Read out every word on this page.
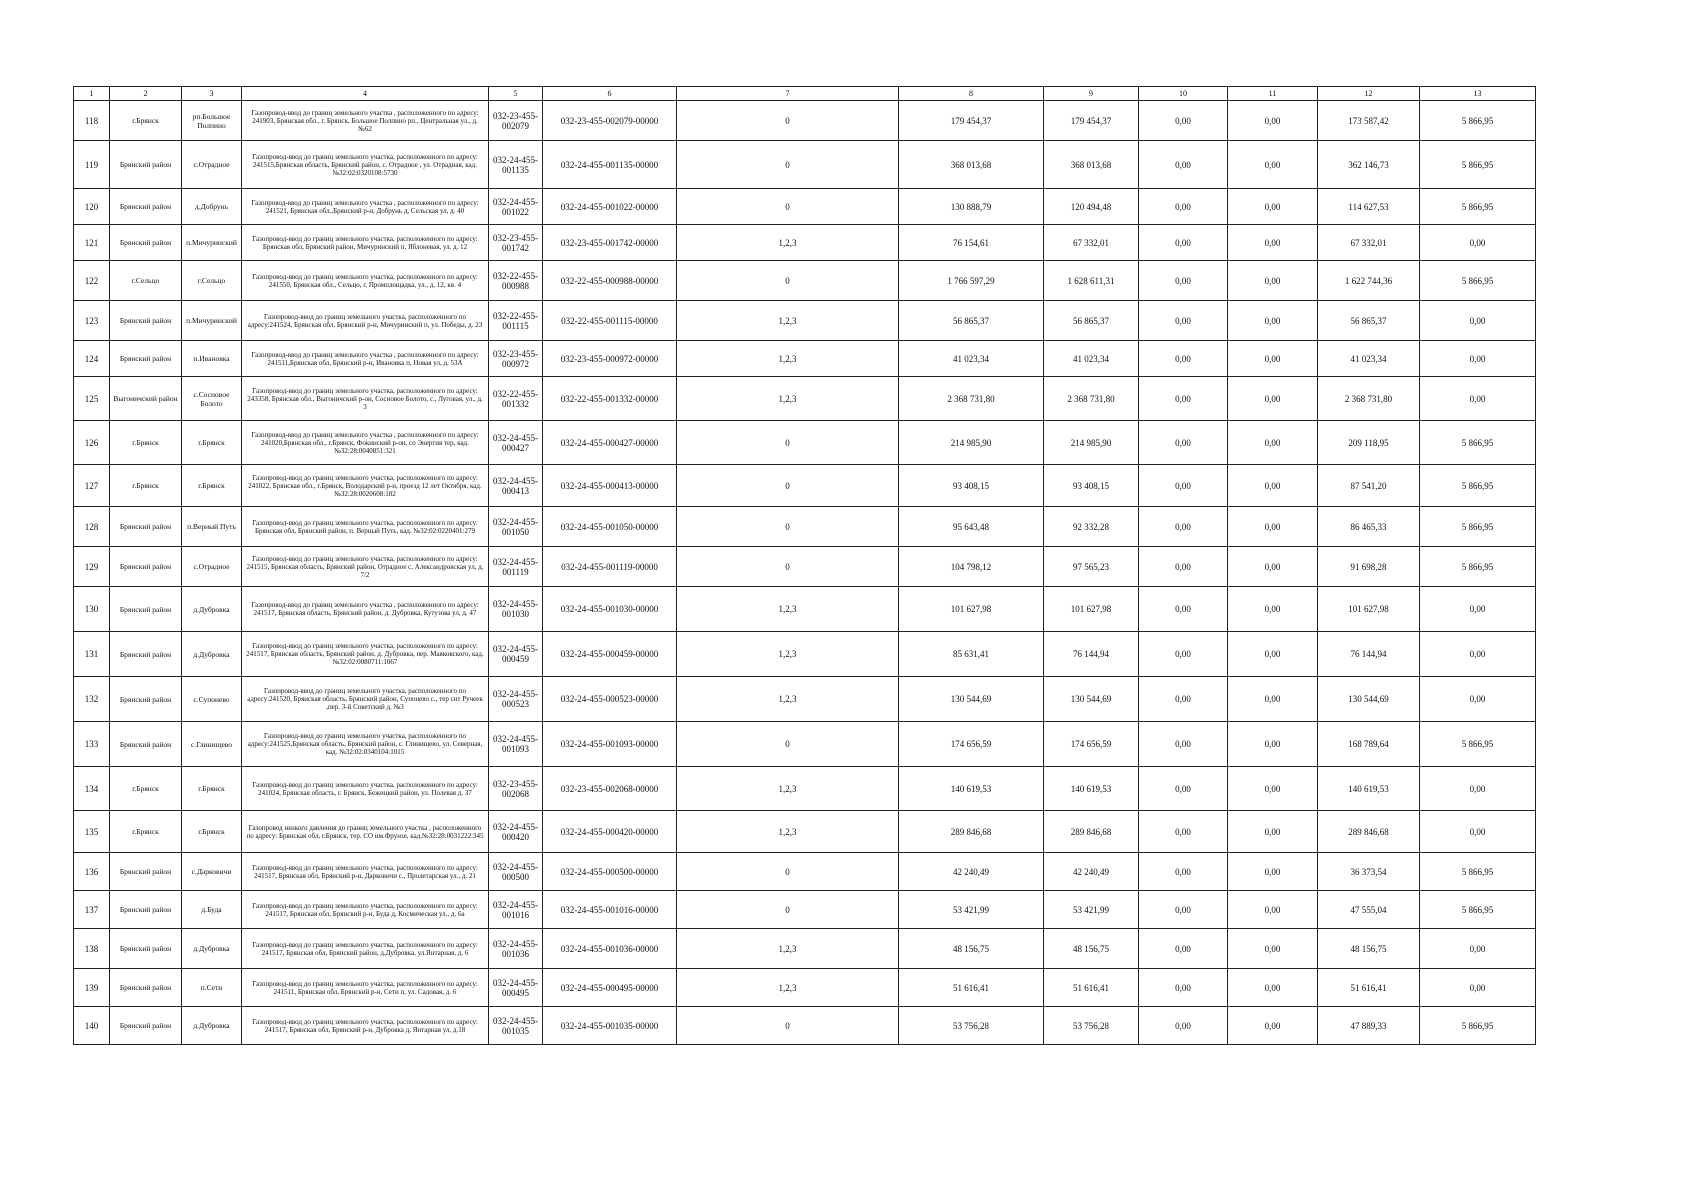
1	2	3	4	5	6	7	8	9	10	11	12	13
118	г.Брянск	рп.Большое Полпино	Газопровод-ввод до границ земельного участка , расположенного по адресу: 241903, Брянская обл., г. Брянск, Большое Полпино рп., Центральная ул., д. №62	032-23-455-002079	032-23-455-002079-00000	0	179 454,37	179 454,37	0,00	0,00	173 587,42	5 866,95
119	Брянский район	с.Отрадное	Газопровод-ввод до границ земельного участка, расположенного по адресу: 241515,Брянская область, Брянский район, с. Отрадное , ул. Отрадная, кад. №32:02:0320108:5730	032-24-455-001135	032-24-455-001135-00000	0	368 013,68	368 013,68	0,00	0,00	362 146,73	5 866,95
120	Брянский район	д.Добрунь	Газопровод-ввод до границ земельного участка , расположенного по адресу: 241521, Брянская обл.,Брянский р-н, Добрунь д, Сельская ул, д. 40	032-24-455-001022	032-24-455-001022-00000	0	130 888,79	120 494,48	0,00	0,00	114 627,53	5 866,95
121	Брянский район	п.Мичуринский	Газопровод-ввод до границ земельного участка, расположенного по адресу: Брянская обл, Брянский район, Мичуринский п, Яблоневая, ул. д. 12	032-23-455-001742	032-23-455-001742-00000	1,2,3	76 154,61	67 332,01	0,00	0,00	67 332,01	0,00
122	г.Сельцо	г.Сельцо	Газопровод-ввод до границ земельного участка, расположенного по адресу: 241550, Брянская обл., Сельцо, г, Промплощадка, ул., д. 12, кв. 4	032-22-455-000988	032-22-455-000988-00000	0	1 766 597,29	1 628 611,31	0,00	0,00	1 622 744,36	5 866,95
123	Брянский район	п.Мичуринский	Газопровод-ввод до границ земельного участка, расположенного по адресу:241524, Брянская обл, Брянский р-н, Мичуринский п, ул. Победы, д. 23	032-22-455-001115	032-22-455-001115-00000	1,2,3	56 865,37	56 865,37	0,00	0,00	56 865,37	0,00
124	Брянский район	п.Ивановка	Газопровод-ввод до границ земельного участка , расположенного по адресу: 241511,Брянская обл, Брянский р-н, Ивановка п, Новая ул, д. 53А	032-23-455-000972	032-23-455-000972-00000	1,2,3	41 023,34	41 023,34	0,00	0,00	41 023,34	0,00
125	Выгоничский район	с.Сосновое Болото	Газопровод-ввод до границ земельного участка, расположенного по адресу: 243358, Брянская обл., Выгоничский р-он, Сосновое Болото, с., Луговая, ул., д. 3	032-22-455-001332	032-22-455-001332-00000	1,2,3	2 368 731,80	2 368 731,80	0,00	0,00	2 368 731,80	0,00
126	г.Брянск	г.Брянск	Газопровод-ввод до границ земельного участка , расположенного по адресу: 241020,Брянская обл., г.Брянск, Фокинский р-он, со Энергия тер, кад.№32:28:0040851:321	032-24-455-000427	032-24-455-000427-00000	0	214 985,90	214 985,90	0,00	0,00	209 118,95	5 866,95
127	г.Брянск	г.Брянск	Газопровод-ввод до границ земельного участка, расположенного по адресу: 241022, Брянская обл., г.Брянск, Володарский р-н, проезд 12 лет Октября, кад. №32:28:0020608:182	032-24-455-000413	032-24-455-000413-00000	0	93 408,15	93 408,15	0,00	0,00	87 541,20	5 866,95
128	Брянский район	п.Верный Путь	Газопровод-ввод до границ земельного участка, расположенного по адресу: Брянская обл, Брянский район, п. Верный Путь, кад. №32:02:0220401:279	032-24-455-001050	032-24-455-001050-00000	0	95 643,48	92 332,28	0,00	0,00	86 465,33	5 866,95
129	Брянский район	с.Отрадное	Газопровод-ввод до границ земельного участка, расположенного по адресу: 241515, Брянская область, Брянский район, Отрадное с, Александровская ул, д. 7/2	032-24-455-001119	032-24-455-001119-00000	0	104 798,12	97 565,23	0,00	0,00	91 698,28	5 866,95
130	Брянский район	д.Дубровка	Газопровод-ввод до границ земельного участка , расположенного по адресу: 241517, Брянская область, Брянский район, д. Дубровка, Кутузова ул, д. 47	032-24-455-001030	032-24-455-001030-00000	1,2,3	101 627,98	101 627,98	0,00	0,00	101 627,98	0,00
131	Брянский район	д.Дубровка	Газопровод-ввод до границ земельного участка, расположенного по адресу: 241517, Брянская область, Брянский район, д. Дубровка, пер. Маяковского, кад. №32:02:0080711:1067	032-24-455-000459	032-24-455-000459-00000	1,2,3	85 631,41	76 144,94	0,00	0,00	76 144,94	0,00
132	Брянский район	с.Супонево	Газопровод-ввод до границ земельного участка, расположенного по адресу:241520, Брянская область, Брянский район, Супонево с., тер снт Ручеек ,пер. 3-й Советский д. №3	032-24-455-000523	032-24-455-000523-00000	1,2,3	130 544,69	130 544,69	0,00	0,00	130 544,69	0,00
133	Брянский район	с.Глинищево	Газопровод-ввод до границ земельного участка, расположенного по адресу:241525,Брянская область, Брянский район, с. Глинищево, ул. Северная, кад. №32:02:0340104:1015	032-24-455-001093	032-24-455-001093-00000	0	174 656,59	174 656,59	0,00	0,00	168 789,64	5 866,95
134	г.Брянск	г.Брянск	Газопровод-ввод до границ земельного участка, расположенного по адресу: 241024, Брянская область, г. Брянск, Бежицкий район, ул. Полевая д. 37	032-23-455-002068	032-23-455-002068-00000	1,2,3	140 619,53	140 619,53	0,00	0,00	140 619,53	0,00
135	г.Брянск	г.Брянск	Газопровод низкого давления до границ земельного участка , расположенного по адресу: Брянская обл, г.Брянск, тер. СО им.Фрунзе, кад.№32:28:0031222:345	032-24-455-000420	032-24-455-000420-00000	1,2,3	289 846,68	289 846,68	0,00	0,00	289 846,68	0,00
136	Брянский район	с.Дарковичи	Газопровод-ввод до границ земельного участка, расположенного по адресу: 241517, Брянская обл, Брянский р-н, Дарковичи с., Пролетарская ул., д. 21	032-24-455-000500	032-24-455-000500-00000	0	42 240,49	42 240,49	0,00	0,00	36 373,54	5 866,95
137	Брянский район	д.Буда	Газопровод-ввод до границ земельного участка, расположенного по адресу: 241517, Брянская обл, Брянский р-н, Буда д, Космическая ул., д. 6а	032-24-455-001016	032-24-455-001016-00000	0	53 421,99	53 421,99	0,00	0,00	47 555,04	5 866,95
138	Брянский район	д.Дубровка	Газопровод-ввод до границ земельного участка, расположенного по адресу: 241517, Брянская обл, Брянский район, д.Дубровка, ул.Янтарная, д. 6	032-24-455-001036	032-24-455-001036-00000	1,2,3	48 156,75	48 156,75	0,00	0,00	48 156,75	0,00
139	Брянский район	п.Сети	Газопровод-ввод до границ земельного участка, расположенного по адресу: 241511, Брянская обл, Брянский р-н, Сети п, ул. Садовая, д. 6	032-24-455-000495	032-24-455-000495-00000	1,2,3	51 616,41	51 616,41	0,00	0,00	51 616,41	0,00
140	Брянский район	д.Дубровка	Газопровод-ввод до границ земельного участка, расположенного по адресу: 241517, Брянская обл, Брянский р-н, Дубровка д, Янтарная ул, д.18	032-24-455-001035	032-24-455-001035-00000	0	53 756,28	53 756,28	0,00	0,00	47 889,33	5 866,95
